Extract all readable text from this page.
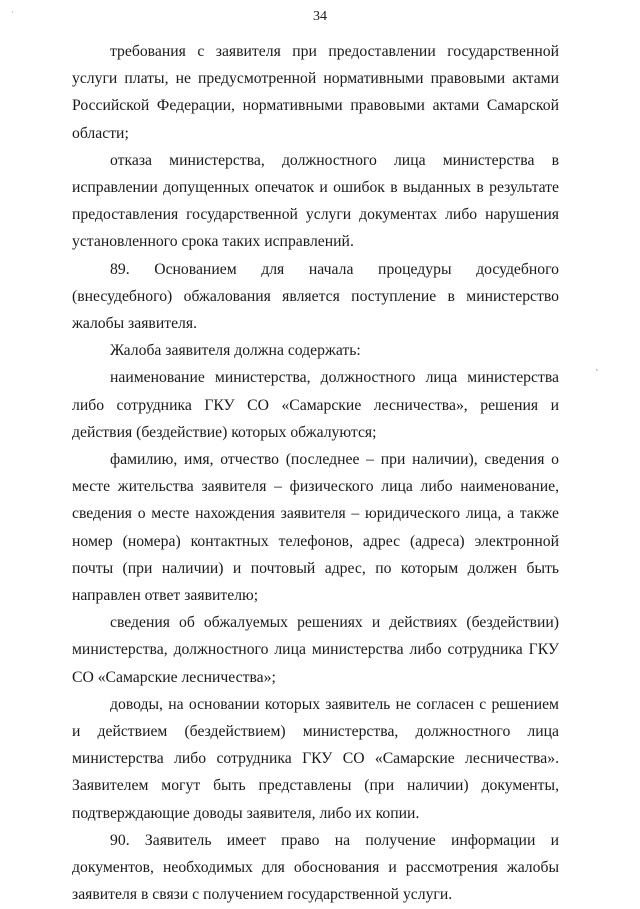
·	34
ˎ

требования с заявителя при предоставлении государственной услуги платы, не предусмотренной нормативными правовыми актами Российской Федерации, нормативными правовыми актами Самарской области;

отказа министерства, должностного лица министерства в исправлении допущенных опечаток и ошибок в выданных в результате предоставления государственной услуги документах либо нарушения установленного срока таких исправлений.

89. Основанием для начала процедуры досудебного (внесудебного) обжалования является поступление в министерство жалобы заявителя.

Жалоба заявителя должна содержать:

наименование министерства, должностного лица министерства либо сотрудника ГКУ СО «Самарские лесничества», решения и действия (бездействие) которых обжалуются;

фамилию, имя, отчество (последнее – при наличии), сведения о месте жительства заявителя – физического лица либо наименование, сведения о месте нахождения заявителя – юридического лица, а также номер (номера) контактных телефонов, адрес (адреса) электронной почты (при наличии) и почтовый адрес, по которым должен быть направлен ответ заявителю;

сведения об обжалуемых решениях и действиях (бездействии) министерства, должностного лица министерства либо сотрудника ГКУ СО «Самарские лесничества»;

доводы, на основании которых заявитель не согласен с решением и действием (бездействием) министерства, должностного лица министерства либо сотрудника ГКУ СО «Самарские лесничества». Заявителем могут быть представлены (при наличии) документы, подтверждающие доводы заявителя, либо их копии.

90. Заявитель имеет право на получение информации и документов, необходимых для обоснования и рассмотрения жалобы заявителя в связи с получением государственной услуги.
